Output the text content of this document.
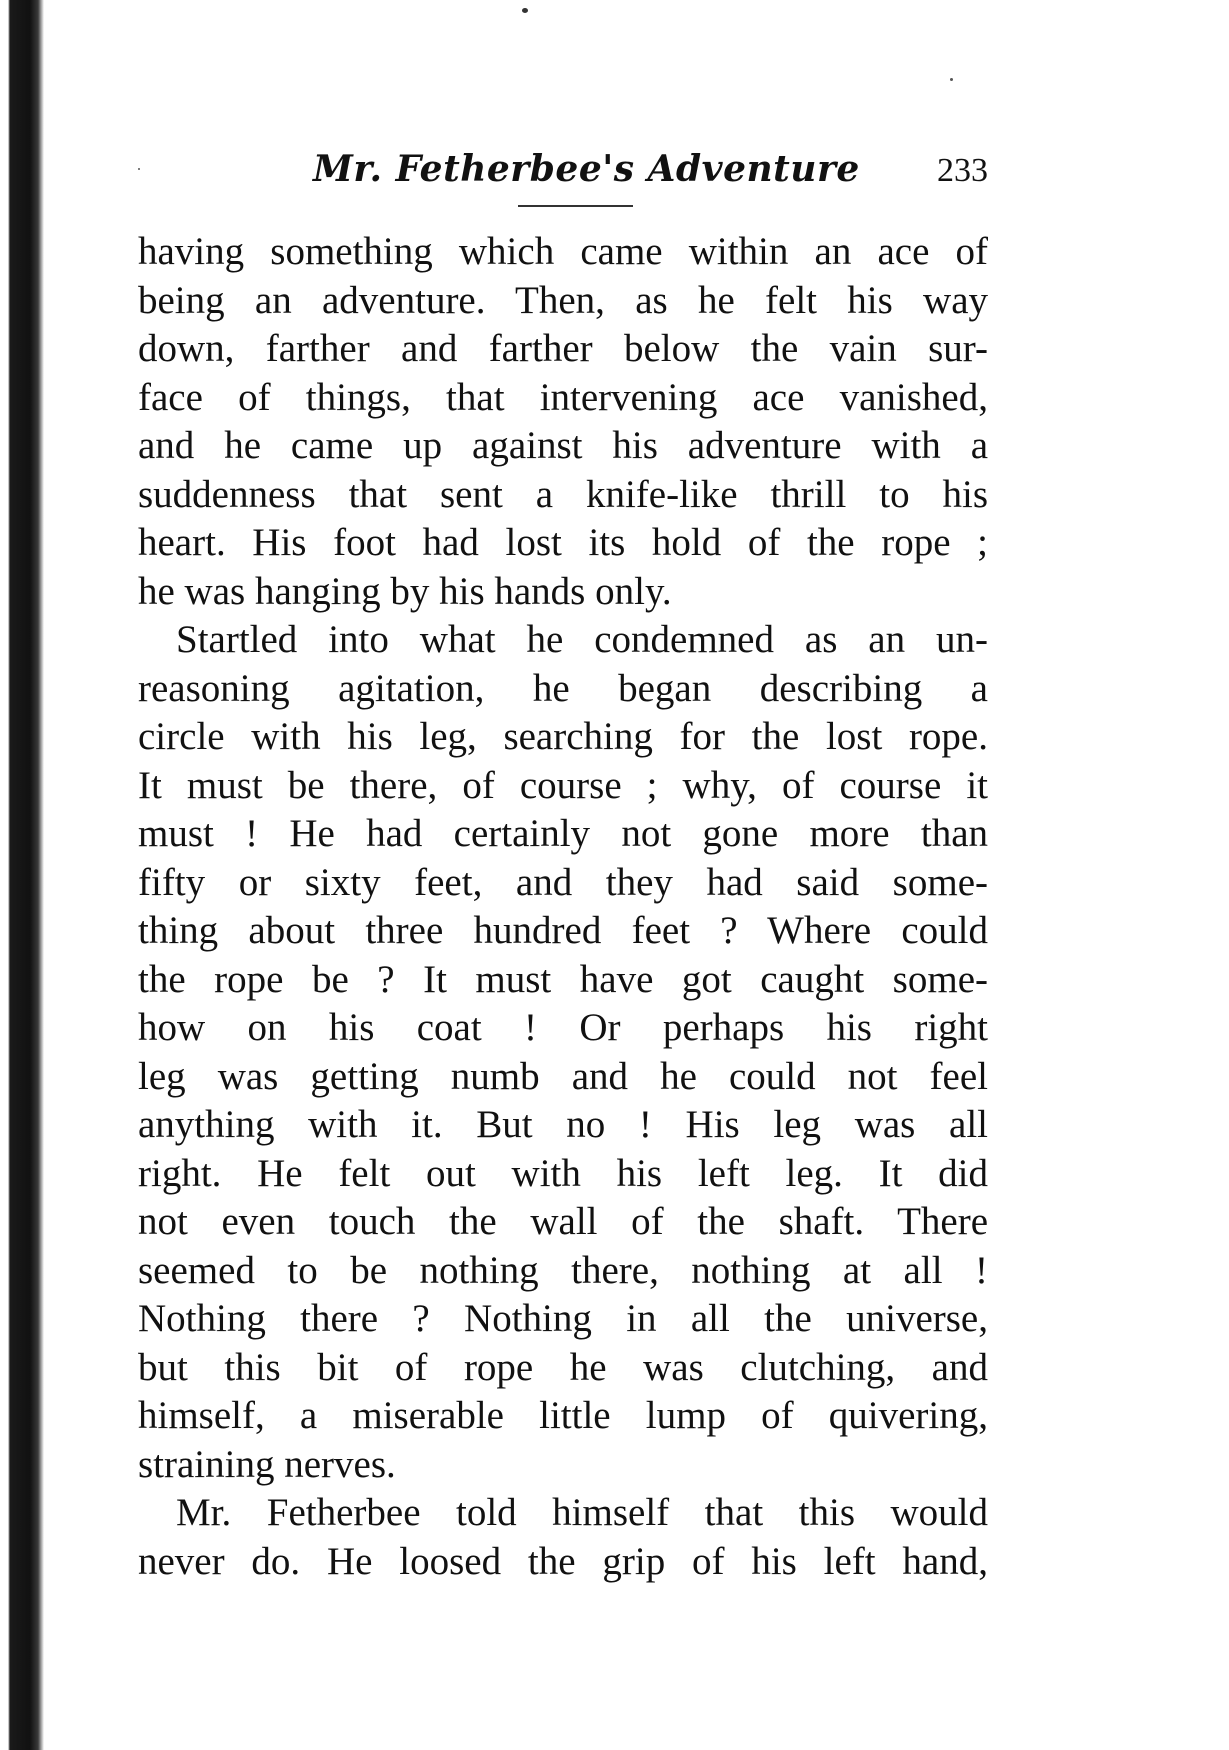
Mr. Fetherbee's Adventure 233
having something which came within an ace of
being an adventure. Then, as he felt his way
down, farther and farther below the vain sur-
face of things, that intervening ace vanished,
and he came up against his adventure with a
suddenness that sent a knife-like thrill to his
heart. His foot had lost its hold of the rope ;
he was hanging by his hands only.
Startled into what he condemned as an un-
reasoning agitation, he began describing a
circle with his leg, searching for the lost rope.
It must be there, of course ; why, of course it
must ! He had certainly not gone more than
fifty or sixty feet, and they had said some-
thing about three hundred feet ? Where could
the rope be ? It must have got caught some-
how on his coat ! Or perhaps his right
leg was getting numb and he could not feel
anything with it. But no ! His leg was all
right. He felt out with his left leg. It did
not even touch the wall of the shaft. There
seemed to be nothing there, nothing at all !
Nothing there ? Nothing in all the universe,
but this bit of rope he was clutching, and
himself, a miserable little lump of quivering,
straining nerves.
Mr. Fetherbee told himself that this would
never do. He loosed the grip of his left hand,
